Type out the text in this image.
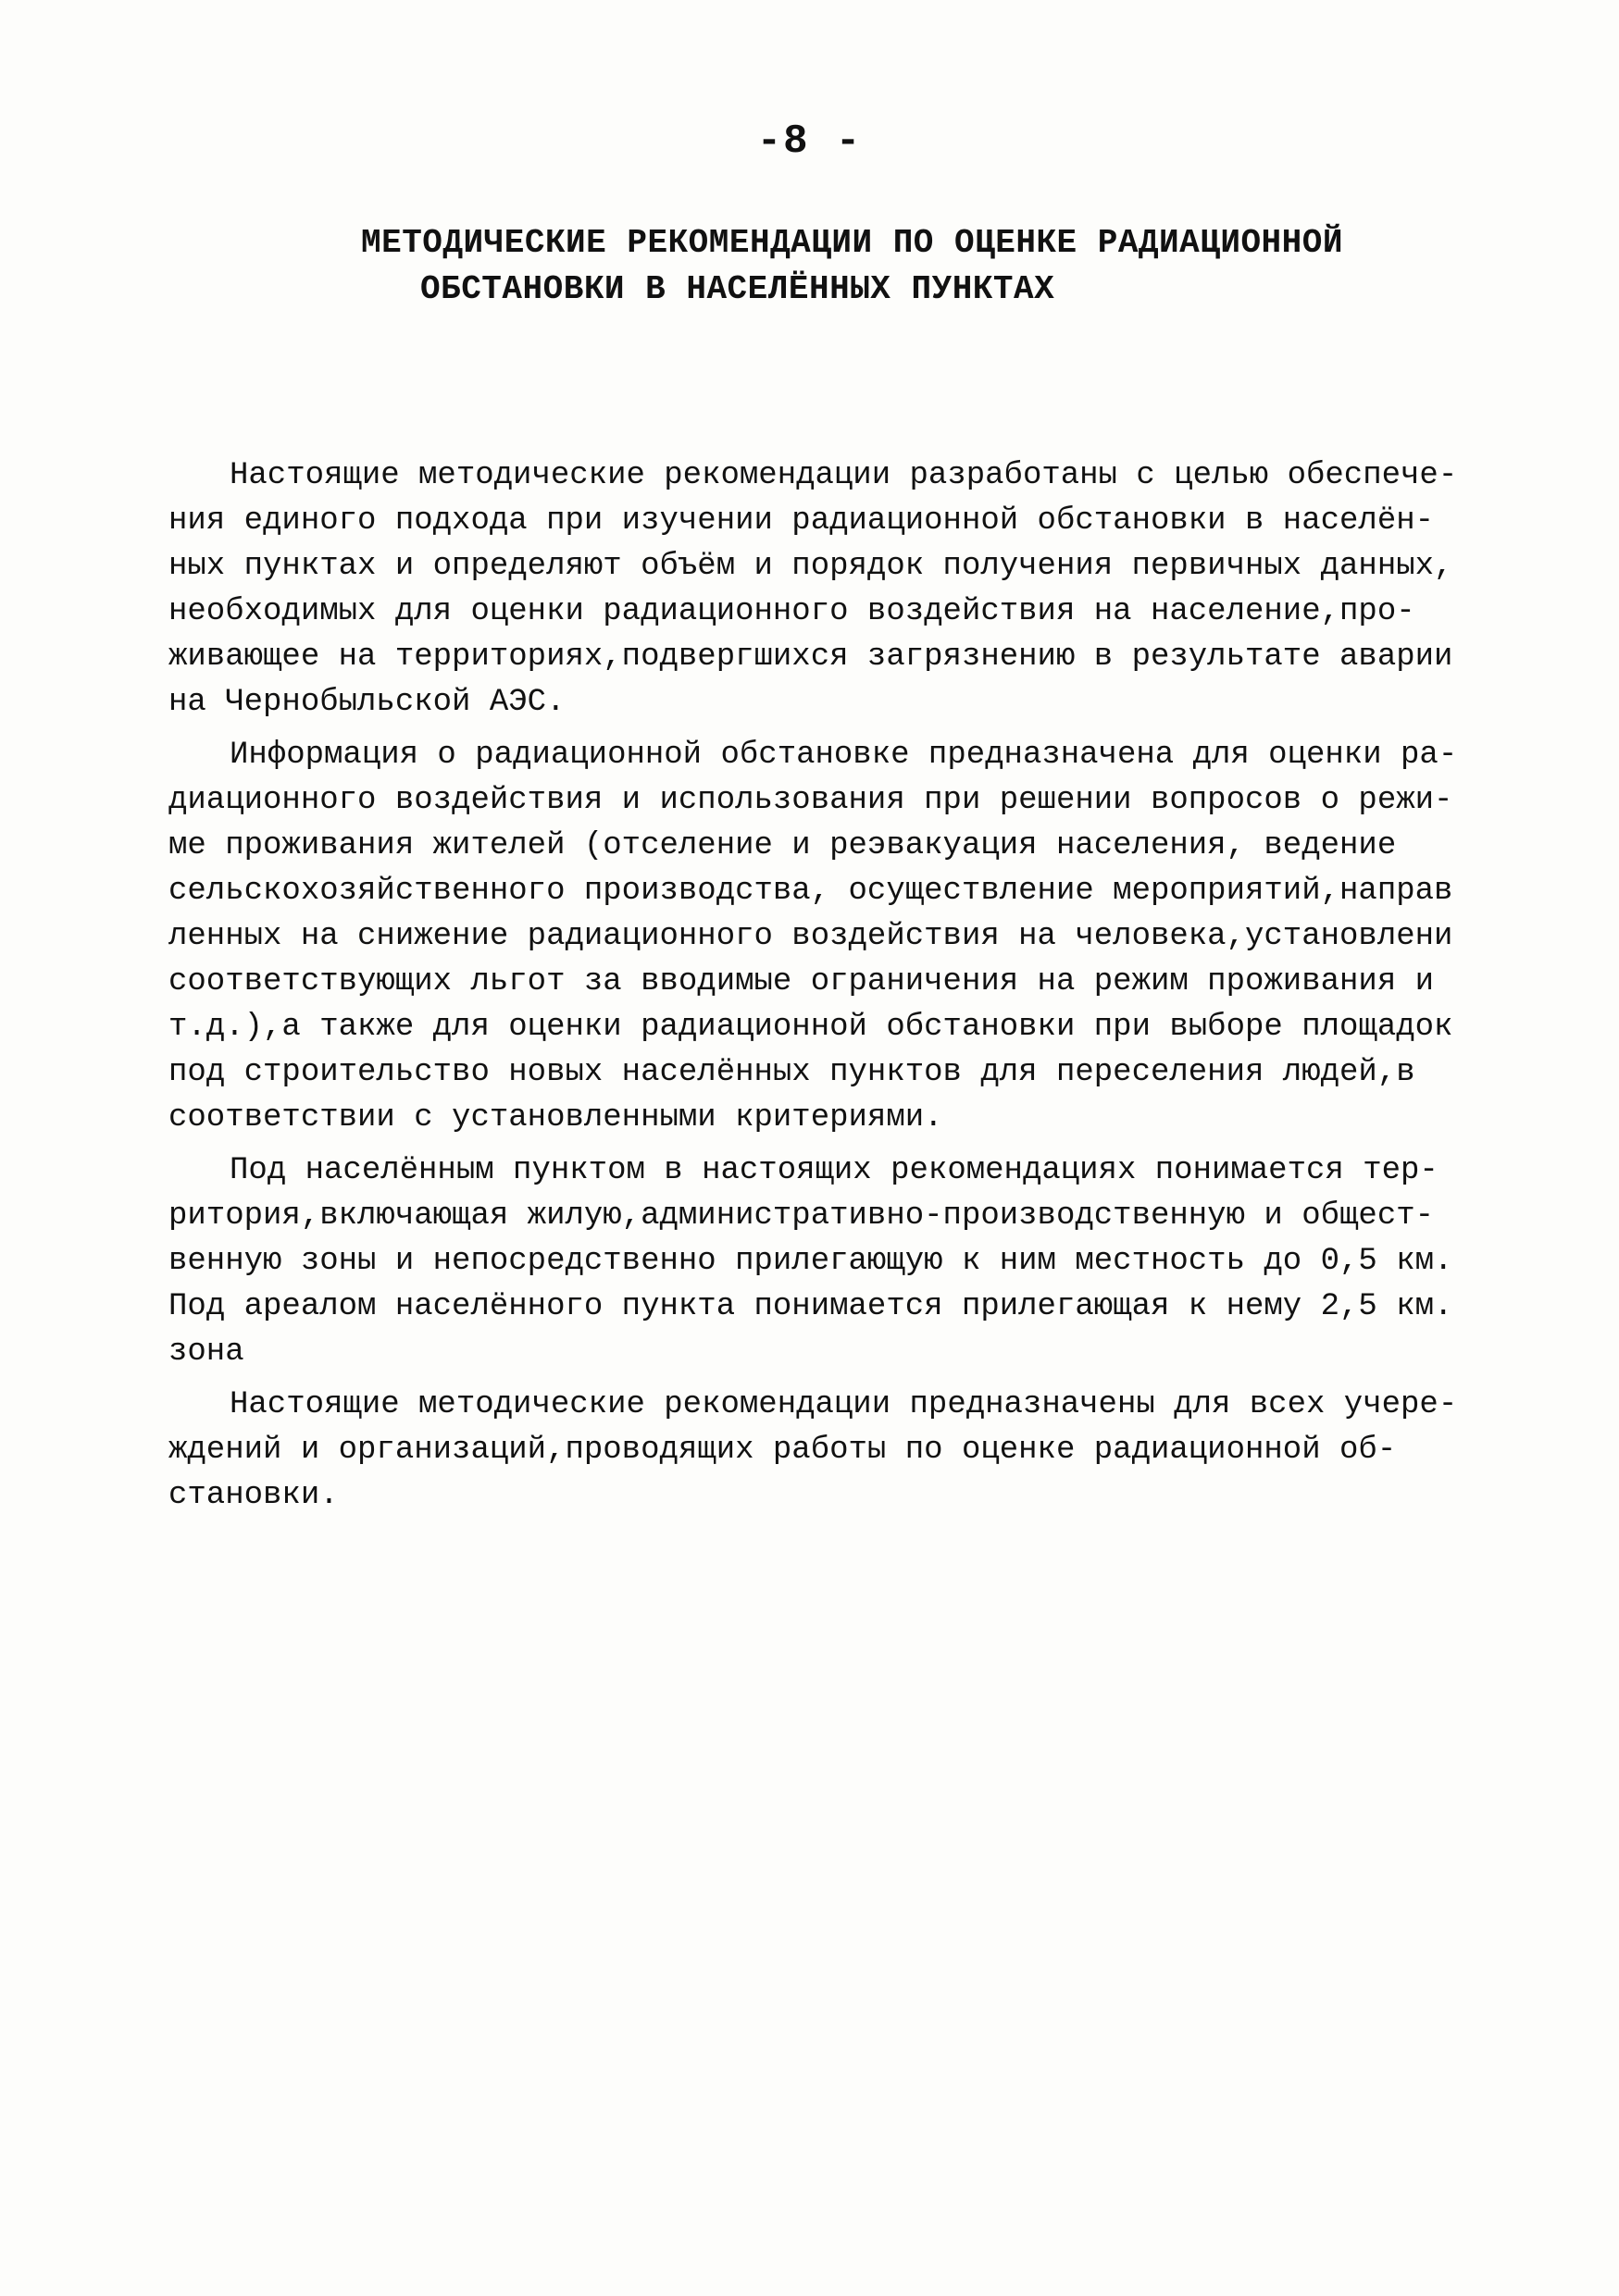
-8 -
МЕТОДИЧЕСКИЕ РЕКОМЕНДАЦИИ ПО ОЦЕНКЕ РАДИАЦИОННОЙ
ОБСТАНОВКИ В НАСЕЛЁННЫХ ПУНКТАХ
Настоящие методические рекомендации разработаны с целью обеспече-
ния единого подхода при изучении радиационной обстановки в населён-
ных пунктах и определяют объём и порядок получения первичных данных,
необходимых для оценки радиационного воздействия на население,про-
живающее на территориях,подвергшихся загрязнению в результате аварии
на Чернобыльской АЭС.
Информация о радиационной обстановке предназначена для оценки ра-
диационного воздействия и использования при решении вопросов о режи-
ме проживания жителей (отселение и реэвакуация населения, ведение
сельскохозяйственного производства, осуществление мероприятий,направ
ленных на снижение радиационного воздействия на человека,установлени
соответствующих льгот за вводимые ограничения на режим проживания и
т.д.),а также для оценки радиационной обстановки при выборе площадок
под строительство новых населённых пунктов для переселения людей,в
соответствии с установленными критериями.
Под населённым пунктом в настоящих рекомендациях понимается тер-
ритория,включающая жилую,административно-производственную и общест-
венную зоны и непосредственно прилегающую к ним местность до 0,5 км.
Под ареалом населённого пункта понимается прилегающая к нему 2,5 км.
зона
Настоящие методические рекомендации предназначены для всех учере-
ждений и организаций,проводящих работы по оценке радиационной об-
становки.
